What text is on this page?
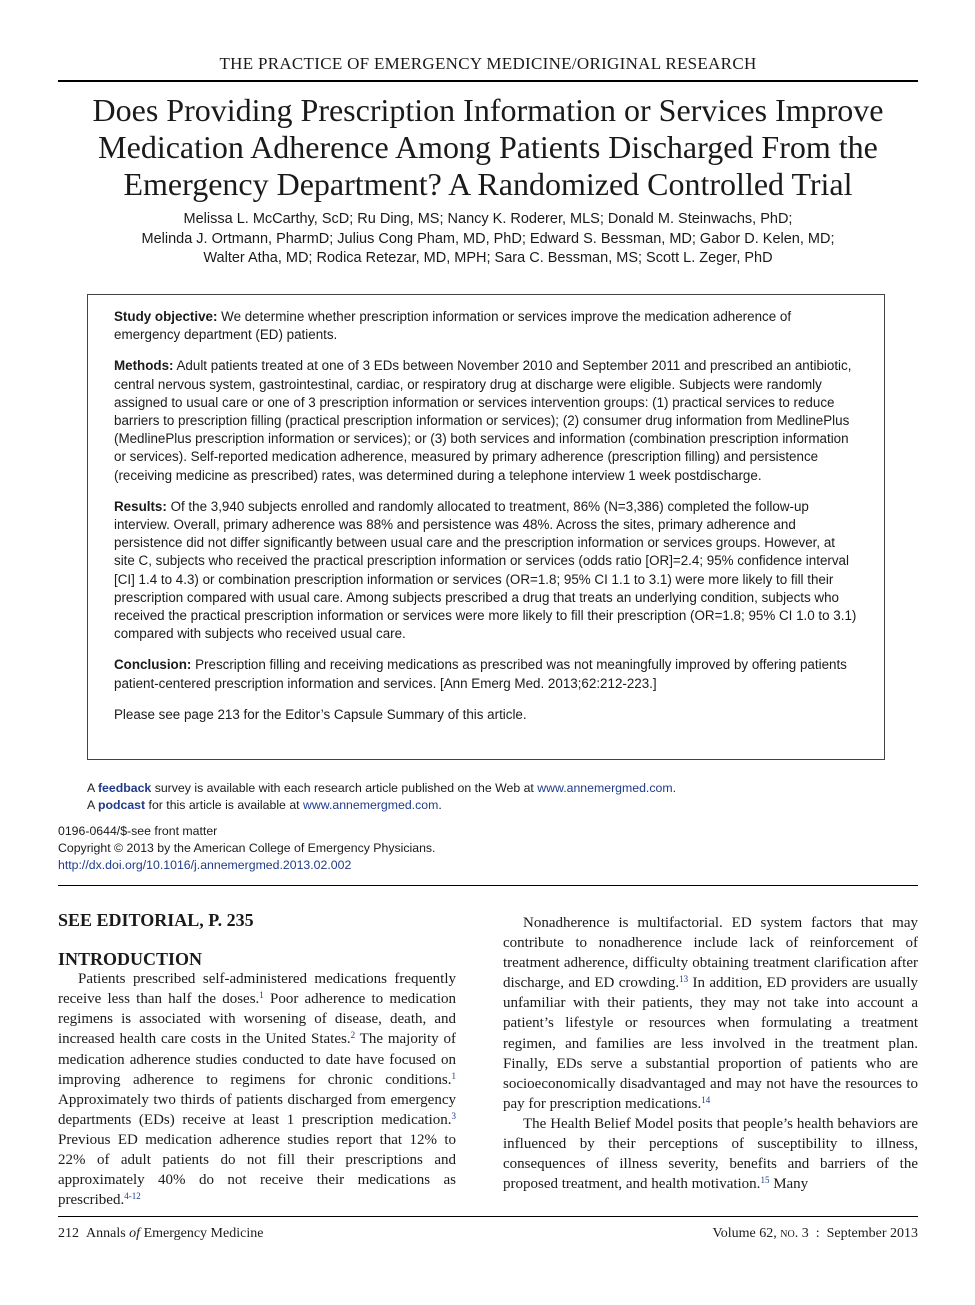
THE PRACTICE OF EMERGENCY MEDICINE/ORIGINAL RESEARCH
Does Providing Prescription Information or Services Improve Medication Adherence Among Patients Discharged From the Emergency Department? A Randomized Controlled Trial
Melissa L. McCarthy, ScD; Ru Ding, MS; Nancy K. Roderer, MLS; Donald M. Steinwachs, PhD;
Melinda J. Ortmann, PharmD; Julius Cong Pham, MD, PhD; Edward S. Bessman, MD; Gabor D. Kelen, MD;
Walter Atha, MD; Rodica Retezar, MD, MPH; Sara C. Bessman, MS; Scott L. Zeger, PhD

Study objective: We determine whether prescription information or services improve the medication adherence of emergency department (ED) patients.

Methods: Adult patients treated at one of 3 EDs between November 2010 and September 2011 and prescribed an antibiotic, central nervous system, gastrointestinal, cardiac, or respiratory drug at discharge were eligible. Subjects were randomly assigned to usual care or one of 3 prescription information or services intervention groups: (1) practical services to reduce barriers to prescription filling (practical prescription information or services); (2) consumer drug information from MedlinePlus (MedlinePlus prescription information or services); or (3) both services and information (combination prescription information or services). Self-reported medication adherence, measured by primary adherence (prescription filling) and persistence (receiving medicine as prescribed) rates, was determined during a telephone interview 1 week postdischarge.

Results: Of the 3,940 subjects enrolled and randomly allocated to treatment, 86% (N=3,386) completed the follow-up interview. Overall, primary adherence was 88% and persistence was 48%. Across the sites, primary adherence and persistence did not differ significantly between usual care and the prescription information or services groups. However, at site C, subjects who received the practical prescription information or services (odds ratio [OR]=2.4; 95% confidence interval [CI] 1.4 to 4.3) or combination prescription information or services (OR=1.8; 95% CI 1.1 to 3.1) were more likely to fill their prescription compared with usual care. Among subjects prescribed a drug that treats an underlying condition, subjects who received the practical prescription information or services were more likely to fill their prescription (OR=1.8; 95% CI 1.0 to 3.1) compared with subjects who received usual care.

Conclusion: Prescription filling and receiving medications as prescribed was not meaningfully improved by offering patients patient-centered prescription information and services. [Ann Emerg Med. 2013;62:212-223.]

Please see page 213 for the Editor’s Capsule Summary of this article.

A feedback survey is available with each research article published on the Web at www.annemergmed.com.
A podcast for this article is available at www.annemergmed.com.
0196-0644/$-see front matter
Copyright © 2013 by the American College of Emergency Physicians.
http://dx.doi.org/10.1016/j.annemergmed.2013.02.002
SEE EDITORIAL, P. 235
INTRODUCTION

Patients prescribed self-administered medications frequently receive less than half the doses.$^1$ Poor adherence to medication regimens is associated with worsening of disease, death, and increased health care costs in the United States.$^2$ The majority of medication adherence studies conducted to date have focused on improving adherence to regimens for chronic conditions.$^1$ Approximately two thirds of patients discharged from emergency departments (EDs) receive at least 1 prescription medication.$^3$ Previous ED medication adherence studies report that 12% to 22% of adult patients do not fill their prescriptions and approximately 40% do not receive their medications as prescribed.$^{4-12}$

Nonadherence is multifactorial. ED system factors that may contribute to nonadherence include lack of reinforcement of treatment adherence, difficulty obtaining treatment clarification after discharge, and ED crowding.$^{13}$ In addition, ED providers are usually unfamiliar with their patients, they may not take into account a patient’s lifestyle or resources when formulating a treatment regimen, and families are less involved in the treatment plan. Finally, EDs serve a substantial proportion of patients who are socioeconomically disadvantaged and may not have the resources to pay for prescription medications.$^{14}$

The Health Belief Model posits that people’s health behaviors are influenced by their perceptions of susceptibility to illness, consequences of illness severity, benefits and barriers of the proposed treatment, and health motivation.$^{15}$ Many

212 Annals of Emergency Medicine	Volume 62, no. 3  :  September 2013
